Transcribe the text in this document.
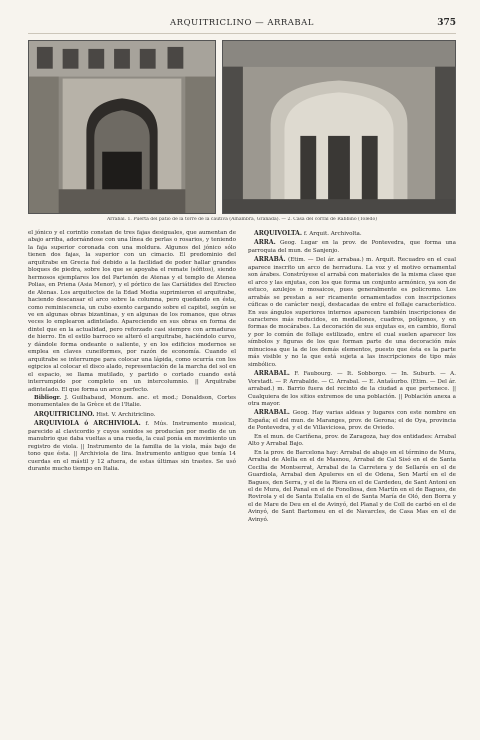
ARQUITRICLINO — ARRABAL	375
Arrabal. 1. Puerta del patio de la torre de la cautiva (Alhambra, Granada). — 2. Casa del corral de Rabbino (Toledo)

el jónico y el corintio constan de tres fajas desiguales, que aumentan de abajo arriba, adornándose con una línea de perlas o rosarios, y teniendo la faja superior coronada con una moldura. Algunos del jónico sólo tienen dos fajas, la superior con un cimacio. El predominio del arquitrabe en Grecia fué debido a la facilidad de poder hallar grandes bloques de piedra, sobre los que se apoyaba el remate (sófitos), siendo hermosos ejemplares los del Partenón de Atenas y el templo de Atenea Polias, en Priena (Asia Menor), y el pórtico de las Cariátides del Erecteo de Atenas. Los arquitectos de la Edad Media suprimieron el arquitrabe, haciendo descansar el arco sobre la columna, pero quedando en ésta, como reminiscencia, un cubo exento cargando sobre el capitel, según se ve en algunas obras bizantinas, y en algunas de los romanos, que otras veces lo emplearon adintelado. Apareciendo en sus obras en forma de dintel que en la actualidad, pero reforzado casi siempre con armaduras de hierro. En el estilo barroco se alteró el arquitrabe, haciéndolo curvo, y dándole forma ondeante o saliente, y en los edificios modernos se emplea en claves cuneiformes, por razón de economía. Cuando el arquitrabe se interrumpe para colocar una lápida, como ocurría con los egipcios al colocar el disco alado, representación de la marcha del sol en el espacio, se llama mutilado, y partido o cortado cuando está interrumpido por completo en un intercolumnio. || Arquitrabe adintelado. El que forma un arco perfecto.

Bibliogr. J. Guilhabaud, Monum. anc. et mod.; Donaldson, Cortes monumentales de la Grèce et de l'Italie.

ARQUITRICLINO. Hist. V. Architriclino.

ARQUIVIOLA ó ARCHIVIOLA. f. Mús. Instrumento musical, parecido al clavicordio y cuyos sonidos se producían por medio de un manubrio que daba vueltas a una rueda, la cual ponía en movimiento un registro de viola. || Instrumento de la familia de la viola, más bajo de tono que ésta. || Archiviola de lira. Instrumento antiguo que tenía 14 cuerdas en el mástil y 12 afuera, de estas últimas sin trastes. Se usó durante mucho tiempo en Italia.

ARQUIVOLTA. f. Arquit. Archivolta.

ARRA. Geog. Lugar en la prov. de Pontevedra, que forma una parroquia del mun. de Sanjenjo.

ARRABÁ. (Etim. — Del ár. arrabaa.) m. Arquit. Recuadro en el cual aparece inscrito un arco de herradura. La voz y el motivo ornamental son árabes. Constrúyese el arrabá con materiales de la misma clase que el arco y las enjutas, con los que forma un conjunto armónico, ya son de estuco, azulejos o mosaicos, pues generalmente es policromo. Los arrabás se prestan a ser ricamente ornamentados con inscripciones cúficas o de carácter nesjí, destacadas de entre el follaje característico. En sus ángulos superiores internos aparecen también inscripciones de caracteres más reducidos, en medallones, cuadros, polígonos, y en formas de mocárabes. La decoración de sus enjutas es, en cambio, floral y por lo común de follaje estilizado, entre el cual suelen aparecer los símbolos y figuras de los que forman parte de una decoración más minuciosa que la de los demás elementos, puesto que ésta es la parte más visible y no la que está sujeta a las inscripciones de tipo más simbólico.

ARRABAL. F. Faubourg. — It. Sobborgo. — In. Suburb. — A. Vorstadt. — P. Arrabalde. — C. Arrabal. — E. Antaŭurbo. (Etim. — Del ár. arrabad.) m. Barrio fuera del recinto de la ciudad a que pertenece. || Cualquiera de los sitios extremos de una población. || Población anexa a otra mayor.

ARRABAL. Geog. Hay varias aldeas y lugares con este nombre en España; el del mun. de Maranges, prov. de Gerona; el de Oya, provincia de Pontevedra, y el de Villaviciosa, prov. de Oviedo.

En el mun. de Cariñena, prov. de Zaragoza, hay dos entidades: Arrabal Alto y Arrabal Bajo.

En la prov. de Barcelona hay: Arrabal de abajo en el término de Mura, Arrabal de Alella en el de Masnou, Arrabal de Cal Sisó en el de Santa Cecilia de Montserrat, Arrabal de la Carretera y de Sellarés en el de Guardiola, Arrabal den Apuleres en el de Odena, Sen Martí en el de Bagues, den Serra, y el de la Riera en el de Cardedeu, de Sant Antoni en el de Mura, del Panal en el de Fonollosa, den Martín en el de Bagues, de Rovirola y el de Santa Eulalia en el de Santa María de Oló, den Borra y el de Mare de Deu en el de Avinyó, del Planal y de Coll de carbó en el de Avinyó, de Sant Bartomeu en el de Navarcles, de Casa Mas en el de Avinyó.
